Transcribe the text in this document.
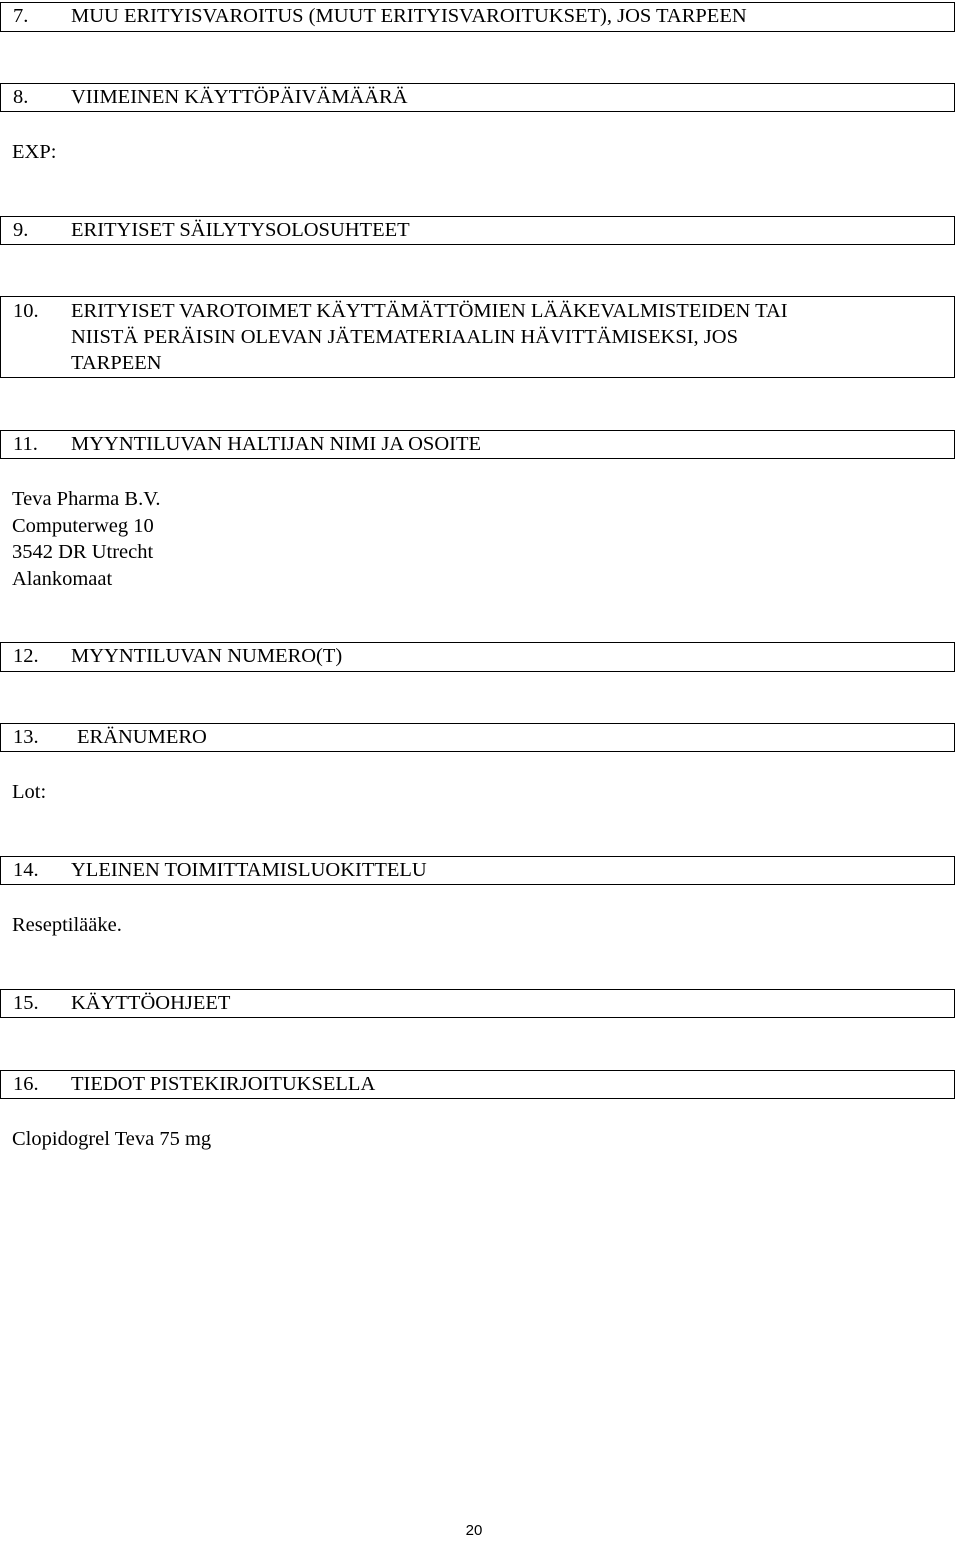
7. MUU ERITYISVAROITUS (MUUT ERITYISVAROITUKSET), JOS TARPEEN
8. VIIMEINEN KÄYTTÖPÄIVÄMÄÄRÄ
EXP:
9. ERITYISET SÄILYTYSOLOSUHTEET
10. ERITYISET VAROTOIMET KÄYTTÄMÄTTÖMIEN LÄÄKEVALMISTEIDEN TAI
NIISTÄ PERÄISIN OLEVAN JÄTEMATERIAALIN HÄVITTÄMISEKSI, JOS
TARPEEN
11. MYYNTILUVAN HALTIJAN NIMI JA OSOITE
Teva Pharma B.V.
Computerweg 10
3542 DR Utrecht
Alankomaat
12. MYYNTILUVAN NUMERO(T)
13. ERÄNUMERO
Lot:
14. YLEINEN TOIMITTAMISLUOKITTELU
Reseptilääke.
15. KÄYTTÖOHJEET
16. TIEDOT PISTEKIRJOITUKSELLA
Clopidogrel Teva 75 mg
20
